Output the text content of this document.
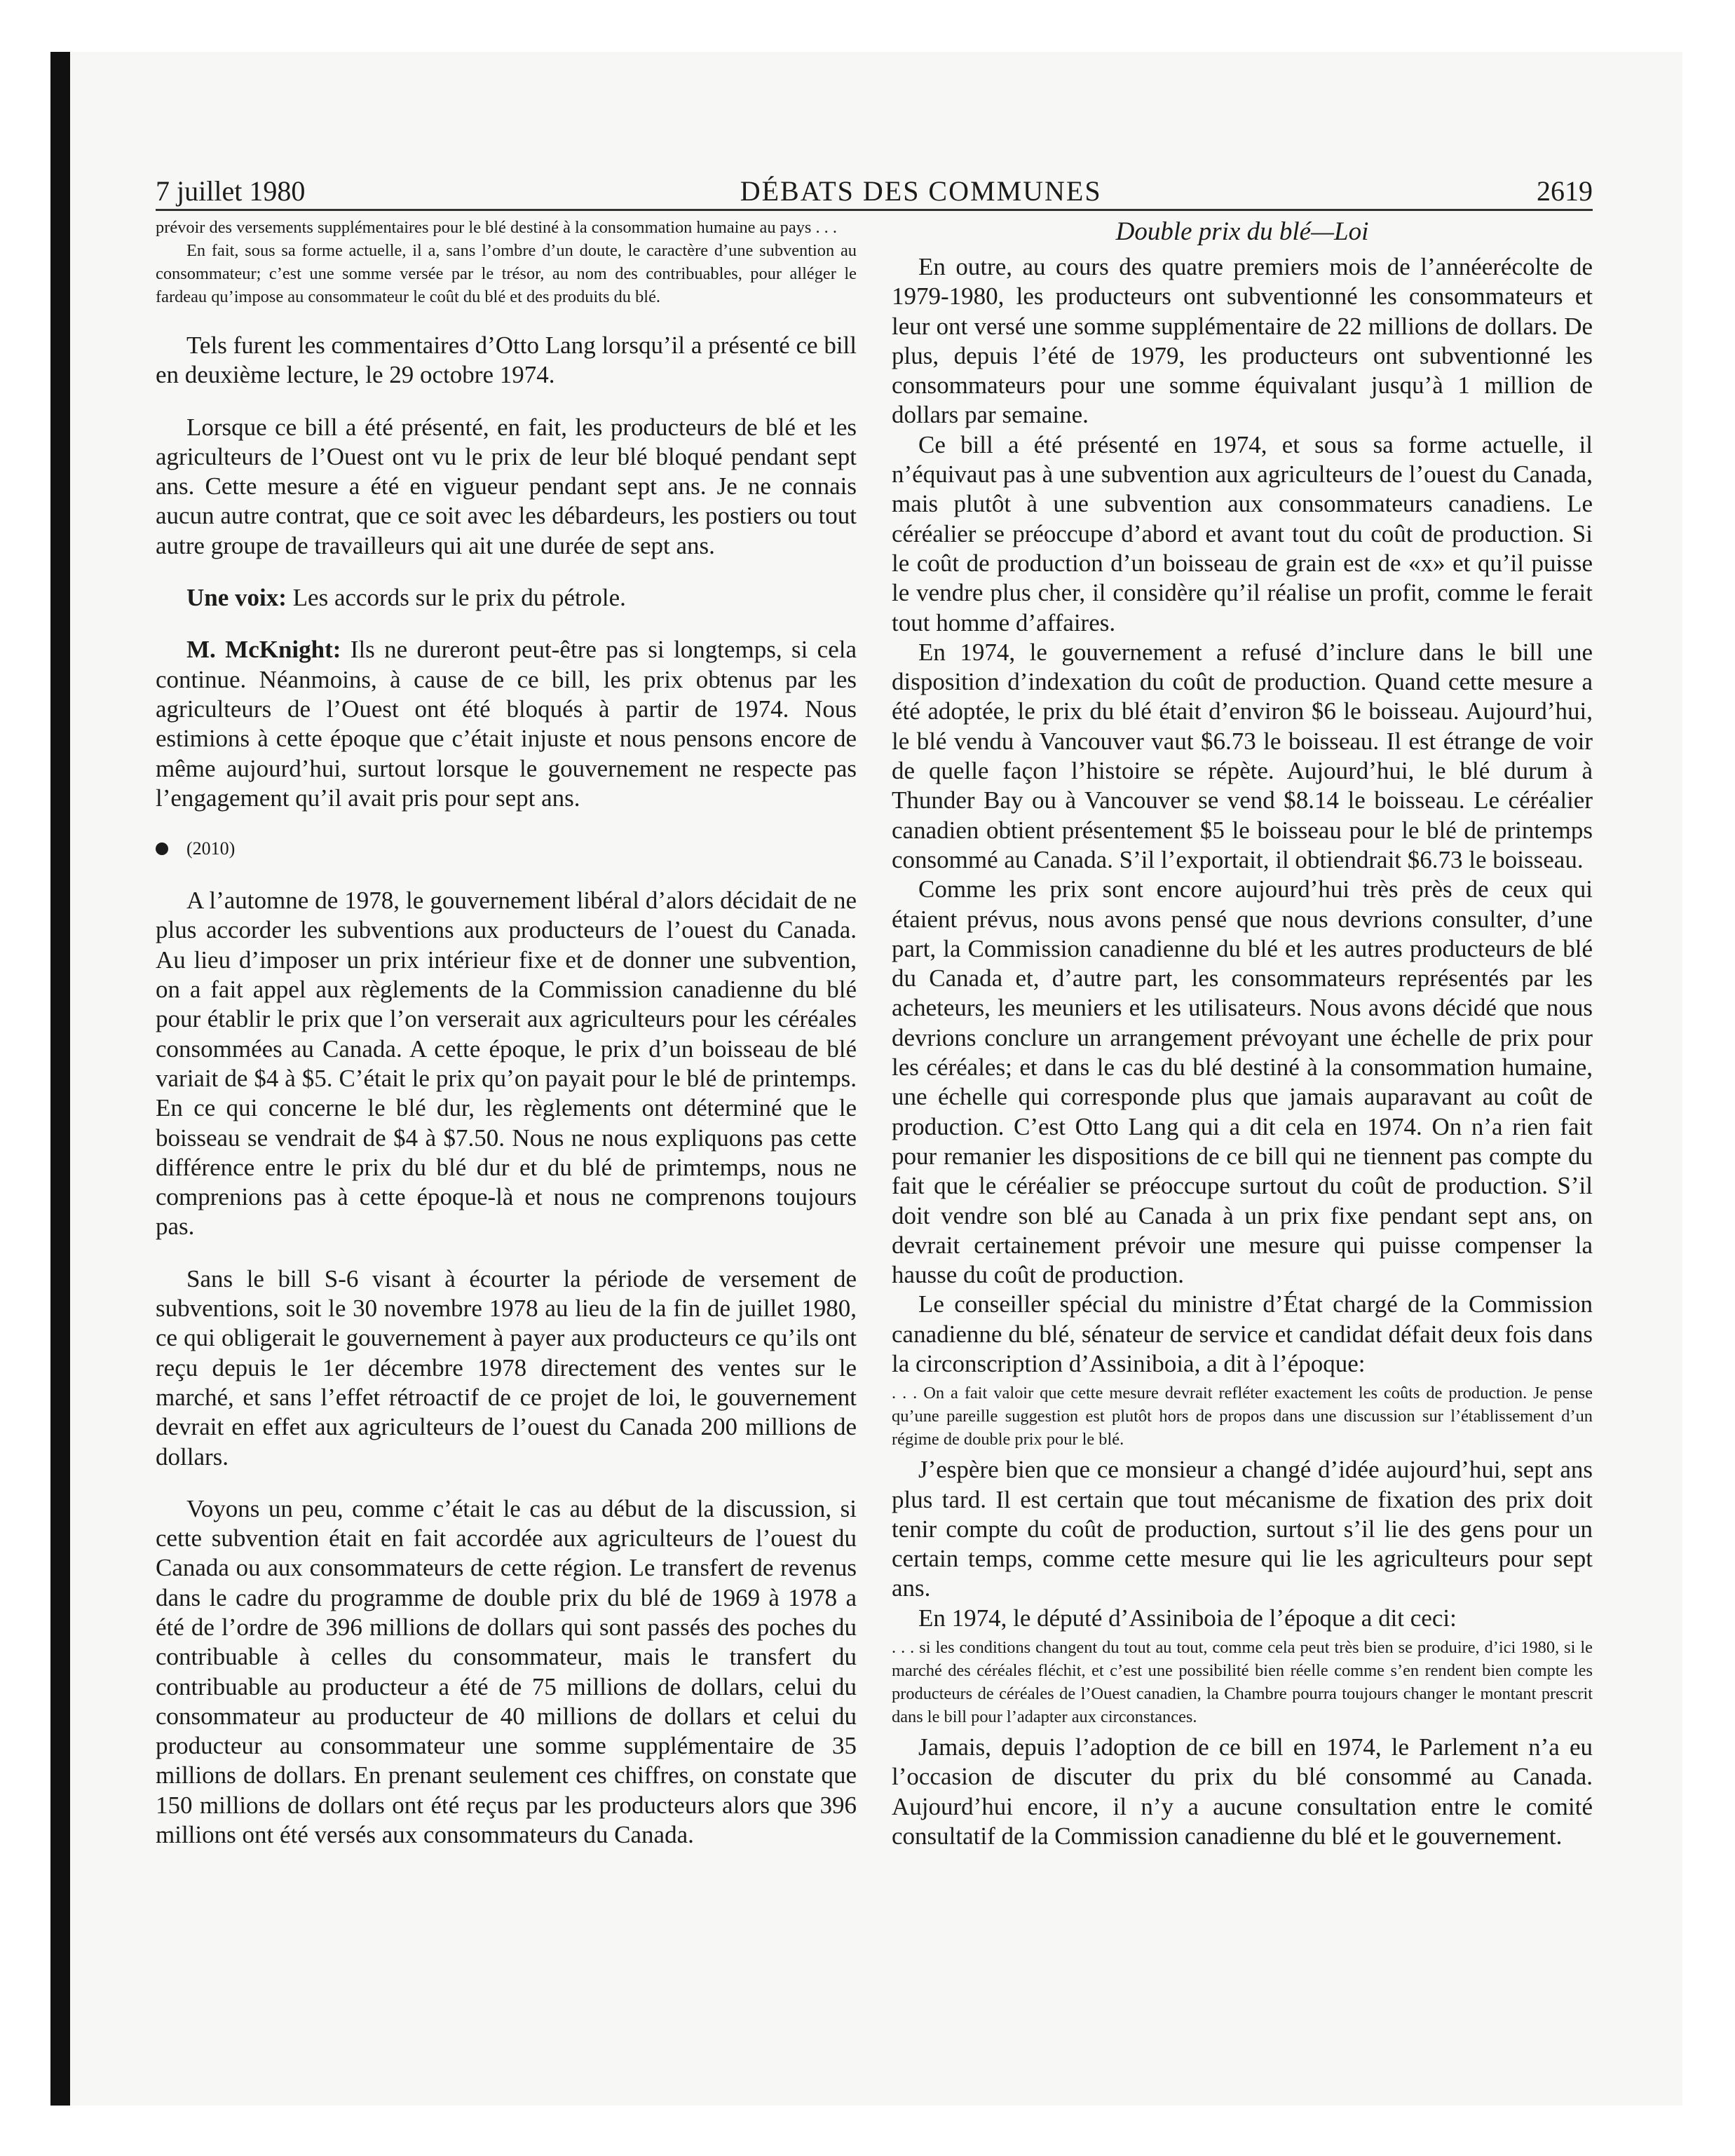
7 juillet 1980	DÉBATS DES COMMUNES	2619

prévoir des versements supplémentaires pour le blé destiné à la consommation humaine au pays . . .

En fait, sous sa forme actuelle, il a, sans l’ombre d’un doute, le caractère d’une subvention au consommateur; c’est une somme versée par le trésor, au nom des contribuables, pour alléger le fardeau qu’impose au consommateur le coût du blé et des produits du blé.

Tels furent les commentaires d’Otto Lang lorsqu’il a présenté ce bill en deuxième lecture, le 29 octobre 1974.

Lorsque ce bill a été présenté, en fait, les producteurs de blé et les agriculteurs de l’Ouest ont vu le prix de leur blé bloqué pendant sept ans. Cette mesure a été en vigueur pendant sept ans. Je ne connais aucun autre contrat, que ce soit avec les débardeurs, les postiers ou tout autre groupe de travailleurs qui ait une durée de sept ans.

Une voix: Les accords sur le prix du pétrole.

M. McKnight: Ils ne dureront peut-être pas si longtemps, si cela continue. Néanmoins, à cause de ce bill, les prix obtenus par les agriculteurs de l’Ouest ont été bloqués à partir de 1974. Nous estimions à cette époque que c’était injuste et nous pensons encore de même aujourd’hui, surtout lorsque le gouvernement ne respecte pas l’engagement qu’il avait pris pour sept ans.

(2010)

A l’automne de 1978, le gouvernement libéral d’alors décidait de ne plus accorder les subventions aux producteurs de l’ouest du Canada. Au lieu d’imposer un prix intérieur fixe et de donner une subvention, on a fait appel aux règlements de la Commission canadienne du blé pour établir le prix que l’on verserait aux agriculteurs pour les céréales consommées au Canada. A cette époque, le prix d’un boisseau de blé variait de $4 à $5. C’était le prix qu’on payait pour le blé de printemps. En ce qui concerne le blé dur, les règlements ont déterminé que le boisseau se vendrait de $4 à $7.50. Nous ne nous expliquons pas cette différence entre le prix du blé dur et du blé de primtemps, nous ne comprenions pas à cette époque-là et nous ne comprenons toujours pas.

Sans le bill S-6 visant à écourter la période de versement de subventions, soit le 30 novembre 1978 au lieu de la fin de juillet 1980, ce qui obligerait le gouvernement à payer aux producteurs ce qu’ils ont reçu depuis le 1er décembre 1978 directement des ventes sur le marché, et sans l’effet rétroactif de ce projet de loi, le gouvernement devrait en effet aux agriculteurs de l’ouest du Canada 200 millions de dollars.

Voyons un peu, comme c’était le cas au début de la discussion, si cette subvention était en fait accordée aux agriculteurs de l’ouest du Canada ou aux consommateurs de cette région. Le transfert de revenus dans le cadre du programme de double prix du blé de 1969 à 1978 a été de l’ordre de 396 millions de dollars qui sont passés des poches du contribuable à celles du consommateur, mais le transfert du contribuable au producteur a été de 75 millions de dollars, celui du consommateur au producteur de 40 millions de dollars et celui du producteur au consommateur une somme supplémentaire de 35 millions de dollars. En prenant seulement ces chiffres, on constate que 150 millions de dollars ont été reçus par les producteurs alors que 396 millions ont été versés aux consommateurs du Canada.

Double prix du blé—Loi

En outre, au cours des quatre premiers mois de l’annéerécolte de 1979-1980, les producteurs ont subventionné les consommateurs et leur ont versé une somme supplémentaire de 22 millions de dollars. De plus, depuis l’été de 1979, les producteurs ont subventionné les consommateurs pour une somme équivalant jusqu’à 1 million de dollars par semaine.

Ce bill a été présenté en 1974, et sous sa forme actuelle, il n’équivaut pas à une subvention aux agriculteurs de l’ouest du Canada, mais plutôt à une subvention aux consommateurs canadiens. Le céréalier se préoccupe d’abord et avant tout du coût de production. Si le coût de production d’un boisseau de grain est de «x» et qu’il puisse le vendre plus cher, il considère qu’il réalise un profit, comme le ferait tout homme d’affaires.

En 1974, le gouvernement a refusé d’inclure dans le bill une disposition d’indexation du coût de production. Quand cette mesure a été adoptée, le prix du blé était d’environ $6 le boisseau. Aujourd’hui, le blé vendu à Vancouver vaut $6.73 le boisseau. Il est étrange de voir de quelle façon l’histoire se répète. Aujourd’hui, le blé durum à Thunder Bay ou à Vancouver se vend $8.14 le boisseau. Le céréalier canadien obtient présentement $5 le boisseau pour le blé de printemps consommé au Canada. S’il l’exportait, il obtiendrait $6.73 le boisseau.

Comme les prix sont encore aujourd’hui très près de ceux qui étaient prévus, nous avons pensé que nous devrions consulter, d’une part, la Commission canadienne du blé et les autres producteurs de blé du Canada et, d’autre part, les consommateurs représentés par les acheteurs, les meuniers et les utilisateurs. Nous avons décidé que nous devrions conclure un arrangement prévoyant une échelle de prix pour les céréales; et dans le cas du blé destiné à la consommation humaine, une échelle qui corresponde plus que jamais auparavant au coût de production. C’est Otto Lang qui a dit cela en 1974. On n’a rien fait pour remanier les dispositions de ce bill qui ne tiennent pas compte du fait que le céréalier se préoccupe surtout du coût de production. S’il doit vendre son blé au Canada à un prix fixe pendant sept ans, on devrait certainement prévoir une mesure qui puisse compenser la hausse du coût de production.

Le conseiller spécial du ministre d’État chargé de la Commission canadienne du blé, sénateur de service et candidat défait deux fois dans la circonscription d’Assiniboia, a dit à l’époque:

. . . On a fait valoir que cette mesure devrait refléter exactement les coûts de production. Je pense qu’une pareille suggestion est plutôt hors de propos dans une discussion sur l’établissement d’un régime de double prix pour le blé.

J’espère bien que ce monsieur a changé d’idée aujourd’hui, sept ans plus tard. Il est certain que tout mécanisme de fixation des prix doit tenir compte du coût de production, surtout s’il lie des gens pour un certain temps, comme cette mesure qui lie les agriculteurs pour sept ans.

En 1974, le député d’Assiniboia de l’époque a dit ceci:

. . . si les conditions changent du tout au tout, comme cela peut très bien se produire, d’ici 1980, si le marché des céréales fléchit, et c’est une possibilité bien réelle comme s’en rendent bien compte les producteurs de céréales de l’Ouest canadien, la Chambre pourra toujours changer le montant prescrit dans le bill pour l’adapter aux circonstances.

Jamais, depuis l’adoption de ce bill en 1974, le Parlement n’a eu l’occasion de discuter du prix du blé consommé au Canada. Aujourd’hui encore, il n’y a aucune consultation entre le comité consultatif de la Commission canadienne du blé et le gouvernement.
